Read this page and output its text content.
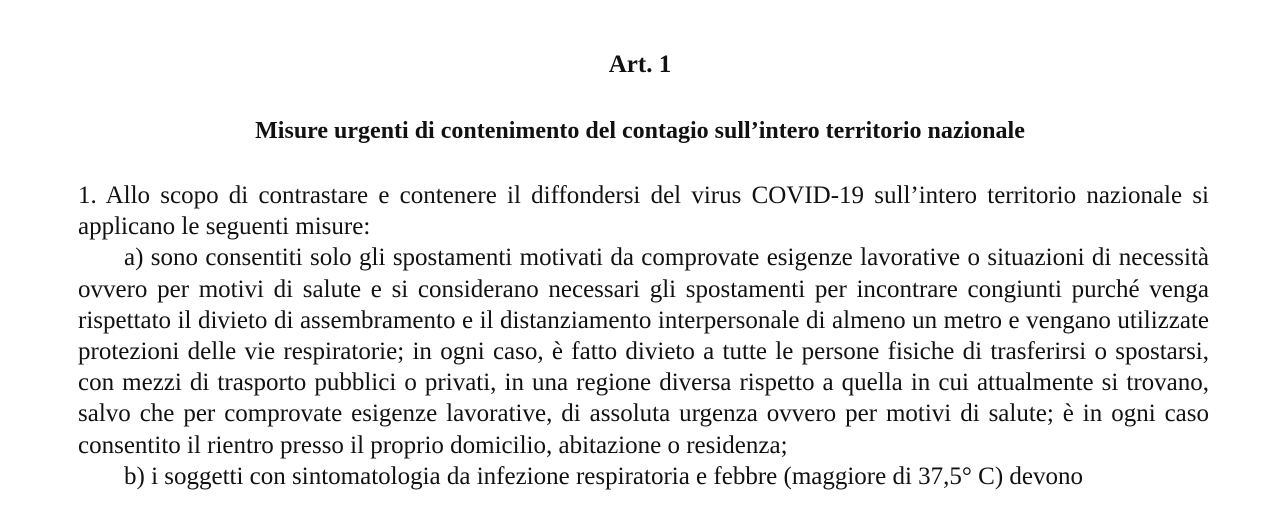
Art. 1
Misure urgenti di contenimento del contagio sull’intero territorio nazionale

1. Allo scopo di contrastare e contenere il diffondersi del virus COVID-19 sull’intero territorio nazionale si applicano le seguenti misure:

a) sono consentiti solo gli spostamenti motivati da comprovate esigenze lavorative o situazioni di necessità ovvero per motivi di salute e si considerano necessari gli spostamenti per incontrare congiunti purché venga rispettato il divieto di assembramento e il distanziamento interpersonale di almeno un metro e vengano utilizzate protezioni delle vie respiratorie; in ogni caso, è fatto divieto a tutte le persone fisiche di trasferirsi o spostarsi, con mezzi di trasporto pubblici o privati, in una regione diversa rispetto a quella in cui attualmente si trovano, salvo che per comprovate esigenze lavorative, di assoluta urgenza ovvero per motivi di salute; è in ogni caso consentito il rientro presso il proprio domicilio, abitazione o residenza;

b) i soggetti con sintomatologia da infezione respiratoria e febbre (maggiore di 37,5° C) devono
